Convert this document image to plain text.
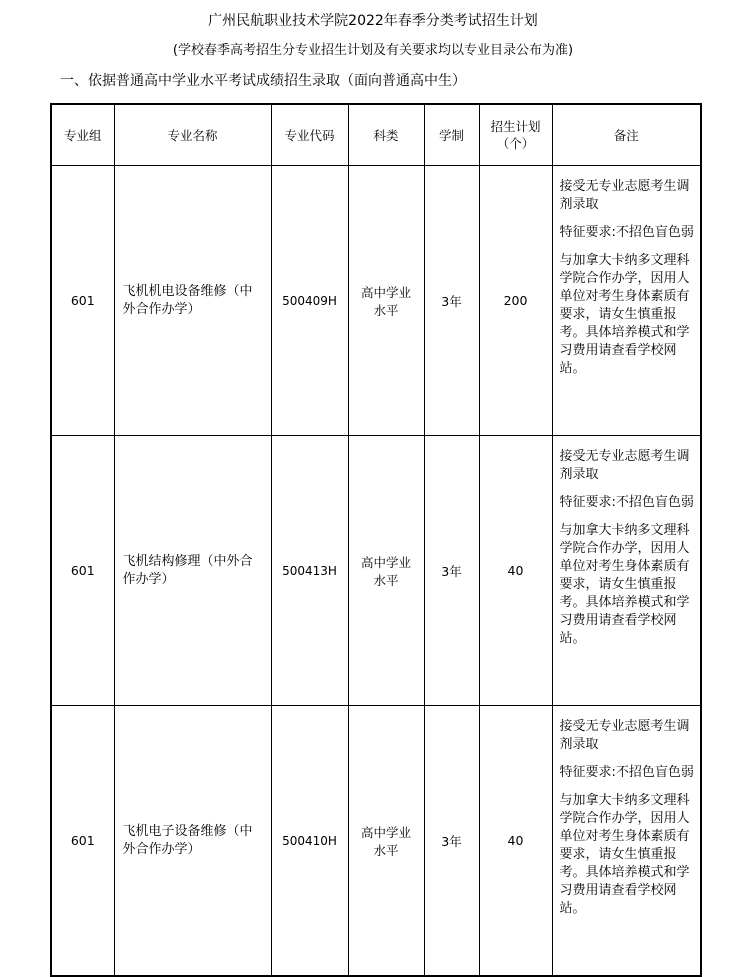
广州民航职业技术学院2022年春季分类考试招生计划
(学校春季高考招生分专业招生计划及有关要求均以专业目录公布为准)
一、依据普通高中学业水平考试成绩招生录取（面向普通高中生）
专业组	专业名称	专业代码	科类	学制	招生计划（个）	备注
601	飞机机电设备维修（中外合作办学）	500409H	高中学业水平	3年	200	接受无专业志愿考生调剂录取

特征要求:不招色盲色弱

与加拿大卡纳多文理科学院合作办学，因用人单位对考生身体素质有要求，请女生慎重报考。具体培养模式和学习费用请查看学校网站。

601	飞机结构修理（中外合作办学）	500413H	高中学业水平	3年	40	接受无专业志愿考生调剂录取

特征要求:不招色盲色弱

与加拿大卡纳多文理科学院合作办学，因用人单位对考生身体素质有要求，请女生慎重报考。具体培养模式和学习费用请查看学校网站。

601	飞机电子设备维修（中外合作办学）	500410H	高中学业水平	3年	40	接受无专业志愿考生调剂录取

特征要求:不招色盲色弱

与加拿大卡纳多文理科学院合作办学，因用人单位对考生身体素质有要求，请女生慎重报考。具体培养模式和学习费用请查看学校网站。
